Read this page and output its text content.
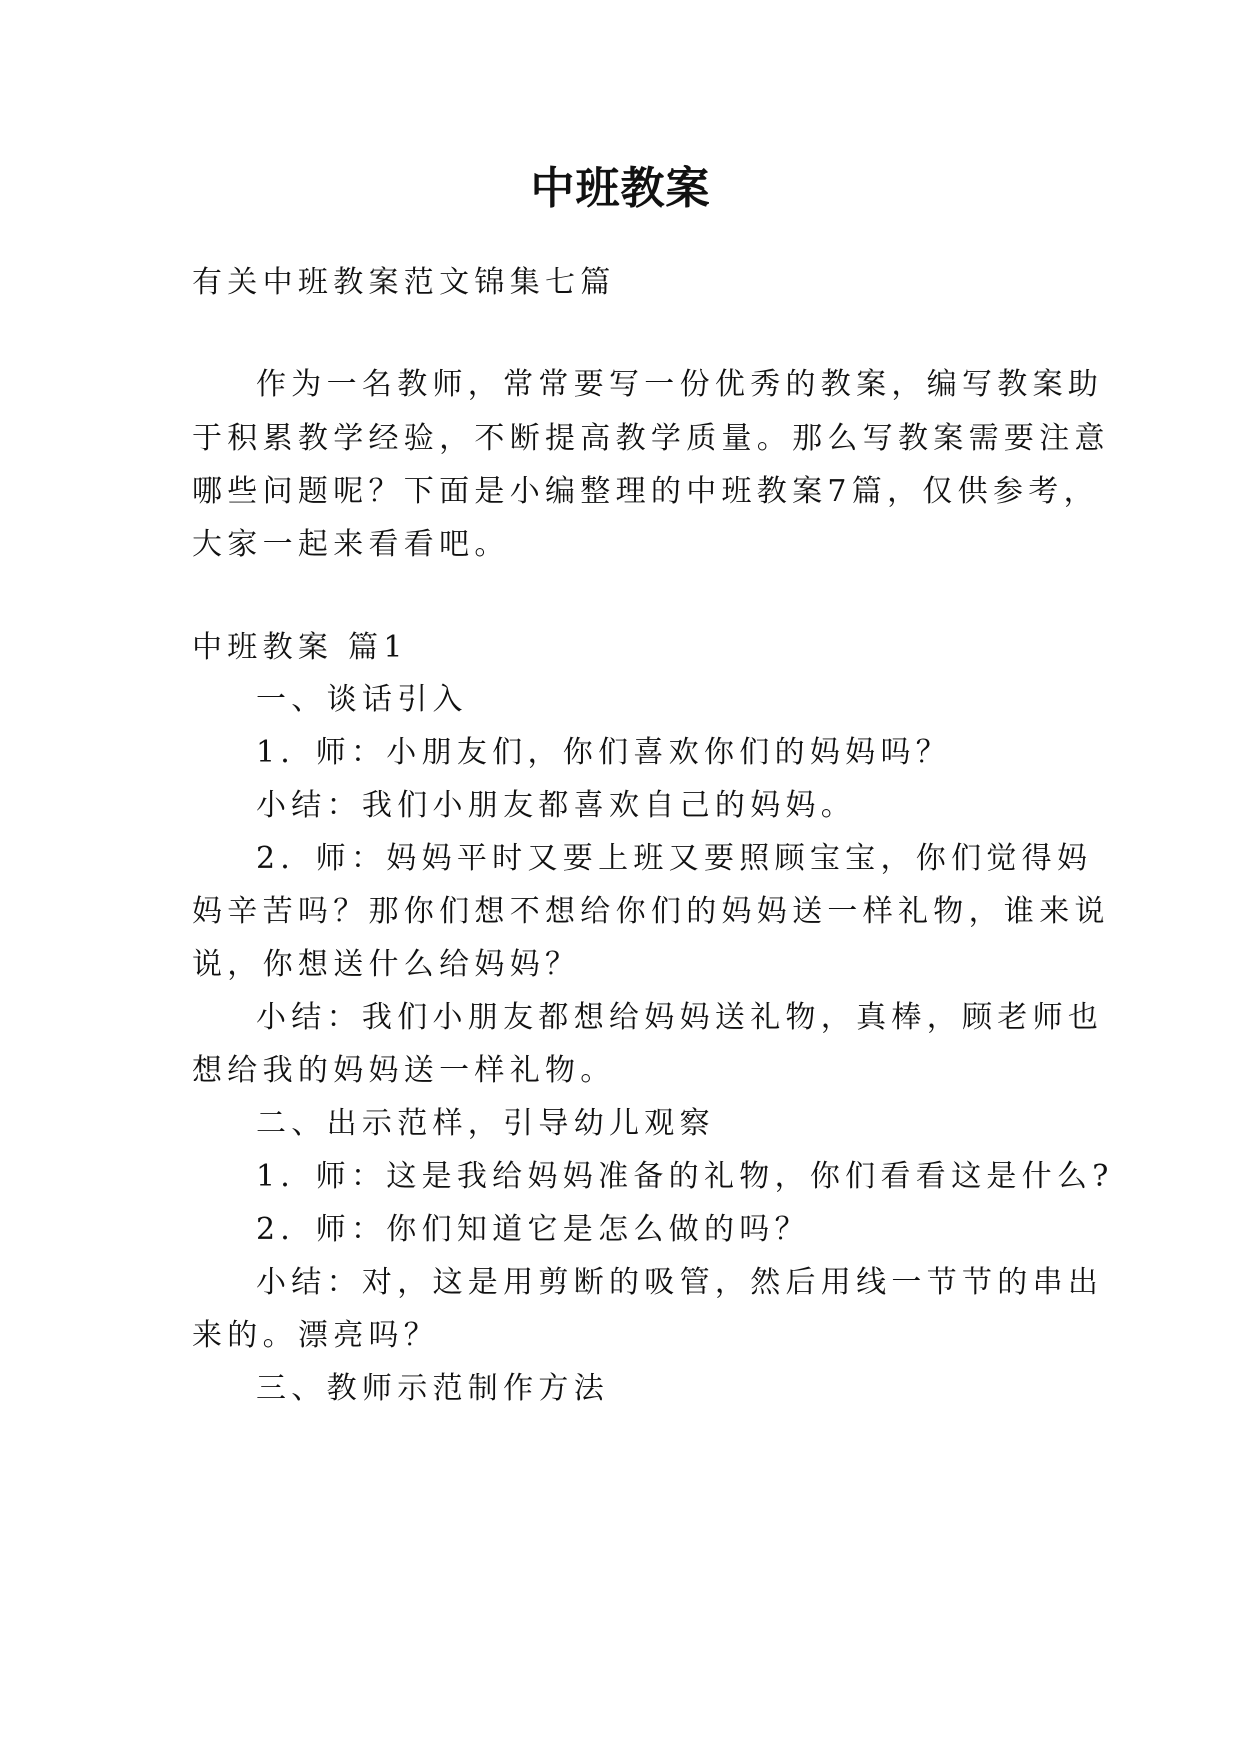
中班教案
有关中班教案范文锦集七篇
作为一名教师，常常要写一份优秀的教案，编写教案助
于积累教学经验，不断提高教学质量。那么写教案需要注意
哪些问题呢？下面是小编整理的中班教案7篇，仅供参考，
大家一起来看看吧。
中班教案 篇1
一、谈话引入
1．师：小朋友们，你们喜欢你们的妈妈吗？
小结：我们小朋友都喜欢自己的妈妈。
2．师：妈妈平时又要上班又要照顾宝宝，你们觉得妈
妈辛苦吗？那你们想不想给你们的妈妈送一样礼物，谁来说
说，你想送什么给妈妈？
小结：我们小朋友都想给妈妈送礼物，真棒，顾老师也
想给我的妈妈送一样礼物。
二、出示范样，引导幼儿观察
1．师：这是我给妈妈准备的礼物，你们看看这是什么?
2．师：你们知道它是怎么做的吗？
小结：对，这是用剪断的吸管，然后用线一节节的串出
来的。漂亮吗？
三、教师示范制作方法
